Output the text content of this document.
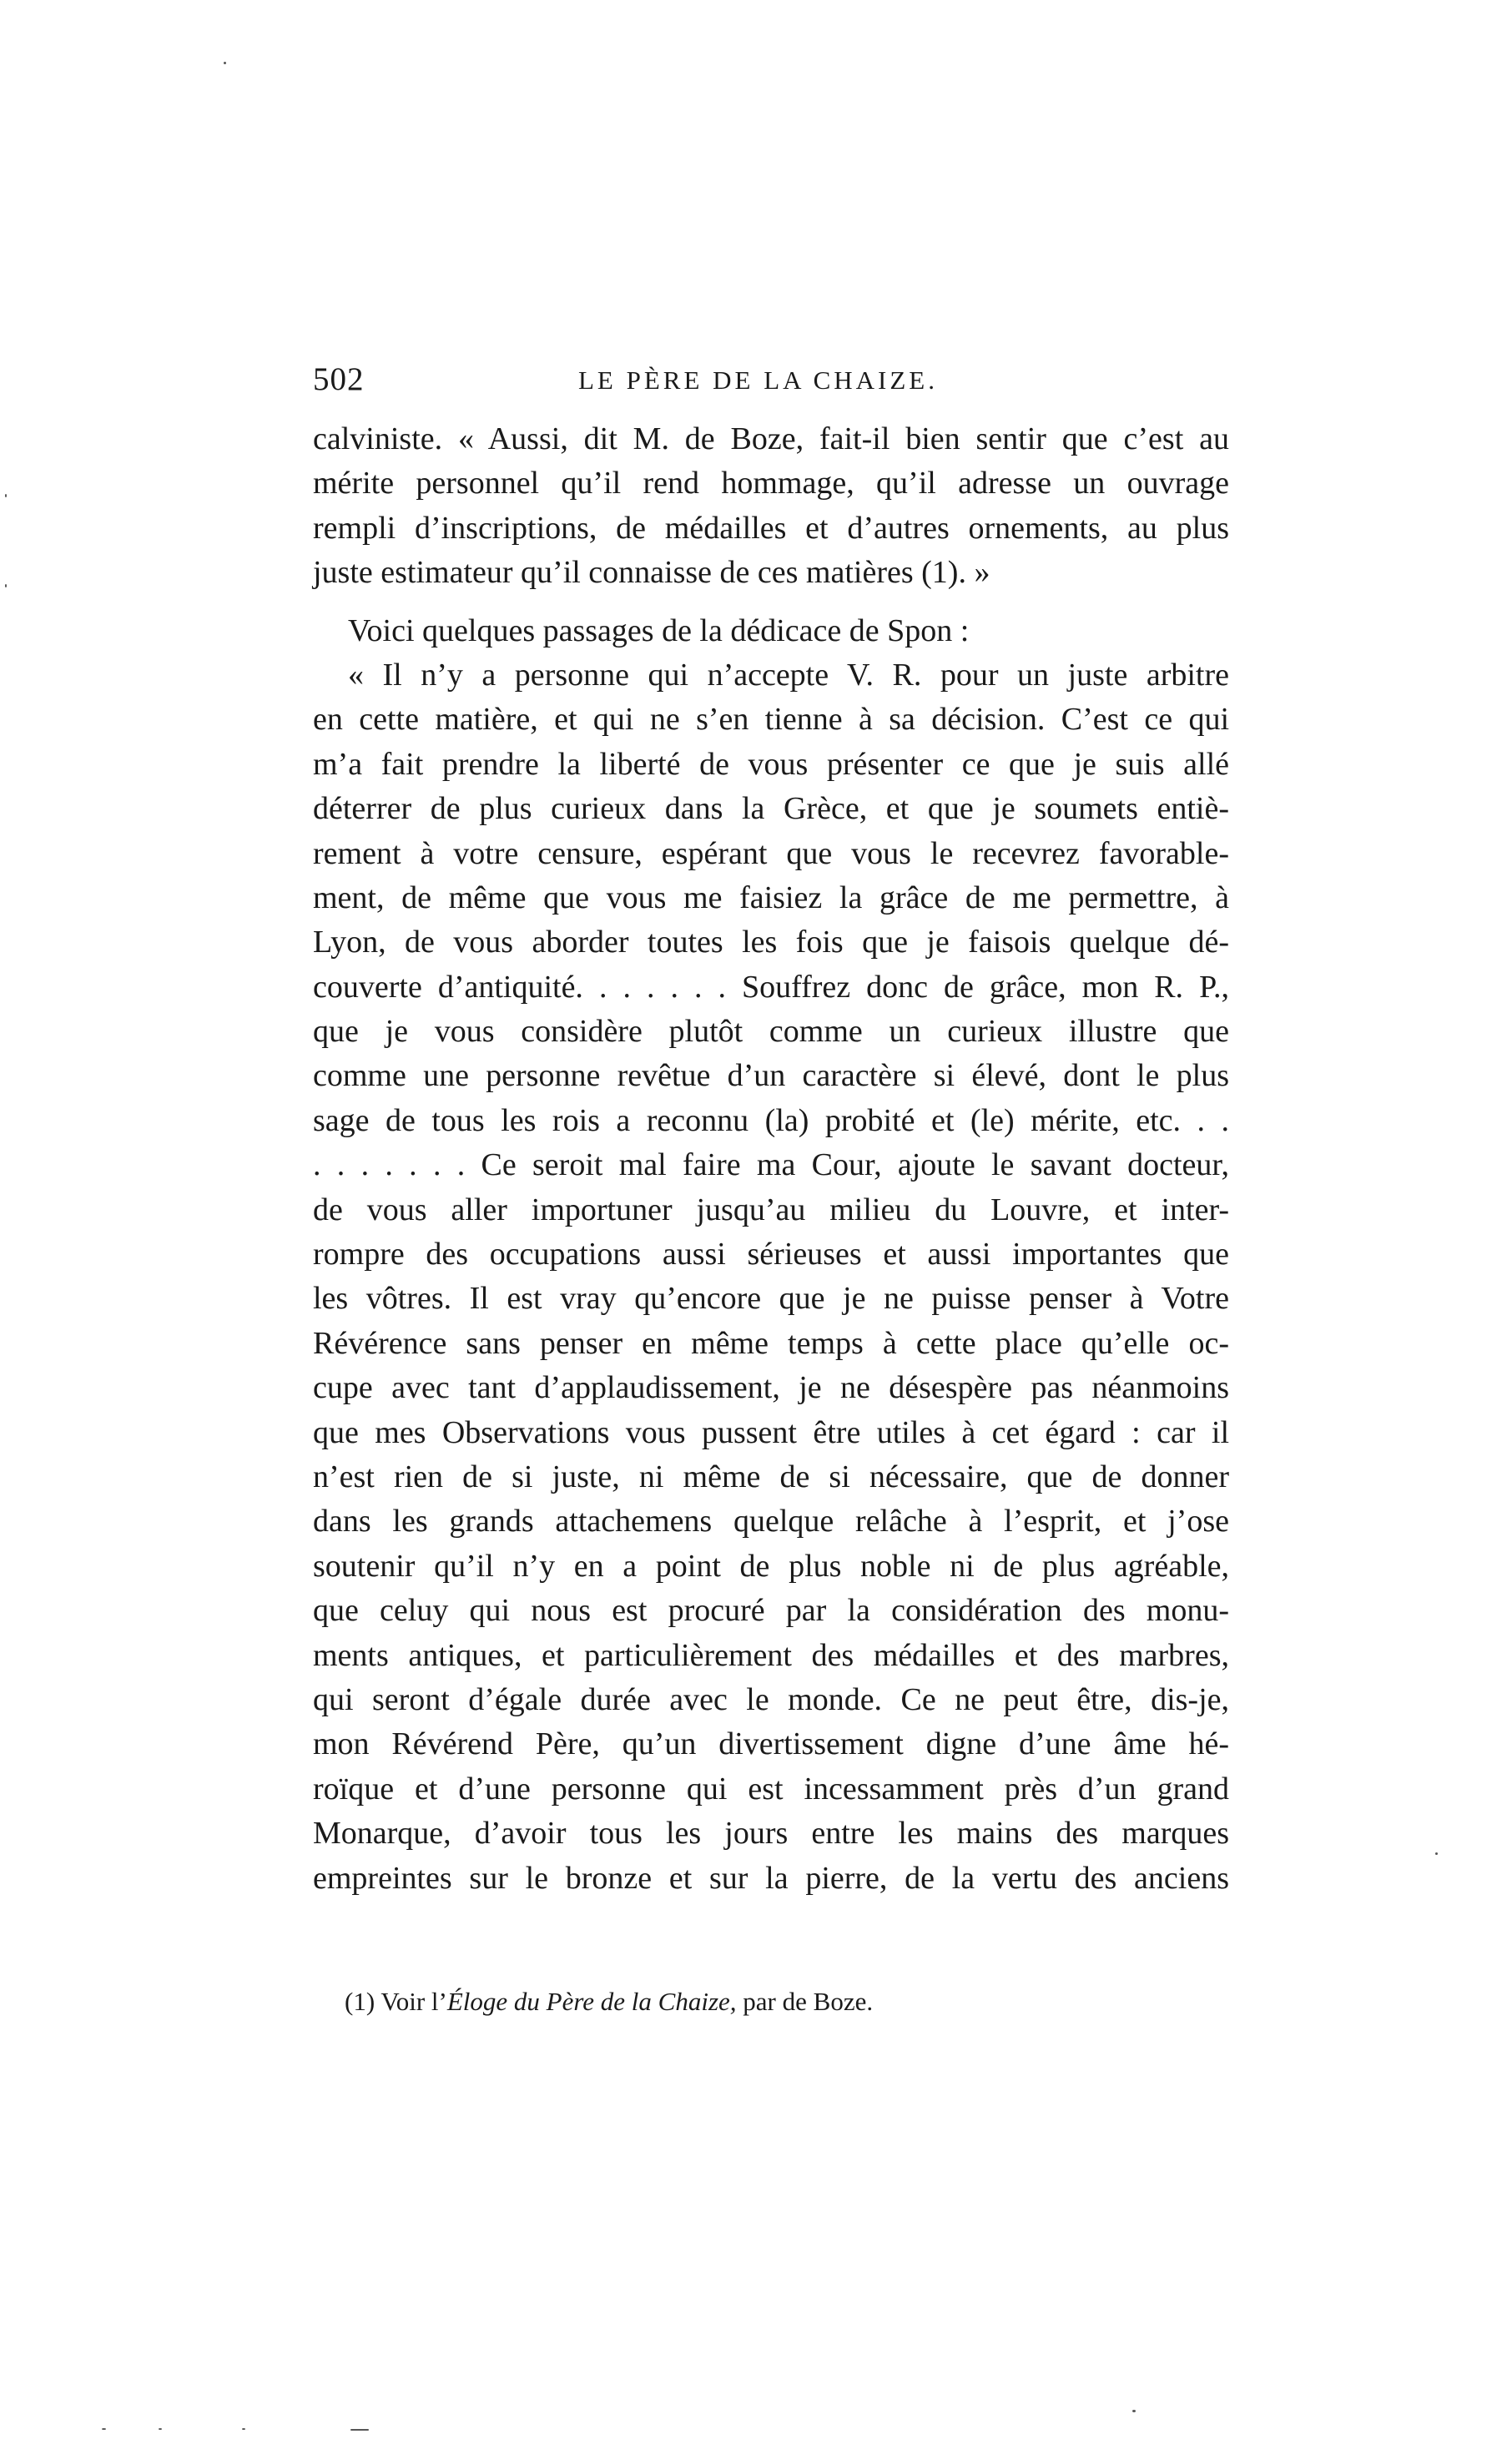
502	LE PÈRE DE LA CHAIZE.
calviniste. « Aussi, dit M. de Boze, fait-il bien sentir que c’est au
mérite personnel qu’il rend hommage, qu’il adresse un ouvrage
rempli d’inscriptions, de médailles et d’autres ornements, au plus
juste estimateur qu’il connaisse de ces matières (1). »
Voici quelques passages de la dédicace de Spon :
« Il n’y a personne qui n’accepte V. R. pour un juste arbitre
en cette matière, et qui ne s’en tienne à sa décision. C’est ce qui
m’a fait prendre la liberté de vous présenter ce que je suis allé
déterrer de plus curieux dans la Grèce, et que je soumets entiè-
rement à votre censure, espérant que vous le recevrez favorable-
ment, de même que vous me faisiez la grâce de me permettre, à
Lyon, de vous aborder toutes les fois que je faisois quelque dé-
couverte d’antiquité. . . . . . . Souffrez donc de grâce, mon R. P.,
que je vous considère plutôt comme un curieux illustre que
comme une personne revêtue d’un caractère si élevé, dont le plus
sage de tous les rois a reconnu (la) probité et (le) mérite, etc. . .
. . . . . . . Ce seroit mal faire ma Cour, ajoute le savant docteur,
de vous aller importuner jusqu’au milieu du Louvre, et inter-
rompre des occupations aussi sérieuses et aussi importantes que
les vôtres. Il est vray qu’encore que je ne puisse penser à Votre
Révérence sans penser en même temps à cette place qu’elle oc-
cupe avec tant d’applaudissement, je ne désespère pas néanmoins
que mes Observations vous pussent être utiles à cet égard : car il
n’est rien de si juste, ni même de si nécessaire, que de donner
dans les grands attachemens quelque relâche à l’esprit, et j’ose
soutenir qu’il n’y en a point de plus noble ni de plus agréable,
que celuy qui nous est procuré par la considération des monu-
ments antiques, et particulièrement des médailles et des marbres,
qui seront d’égale durée avec le monde. Ce ne peut être, dis-je,
mon Révérend Père, qu’un divertissement digne d’une âme hé-
roïque et d’une personne qui est incessamment près d’un grand
Monarque, d’avoir tous les jours entre les mains des marques
empreintes sur le bronze et sur la pierre, de la vertu des anciens
(1) Voir l’Éloge du Père de la Chaize, par de Boze.
